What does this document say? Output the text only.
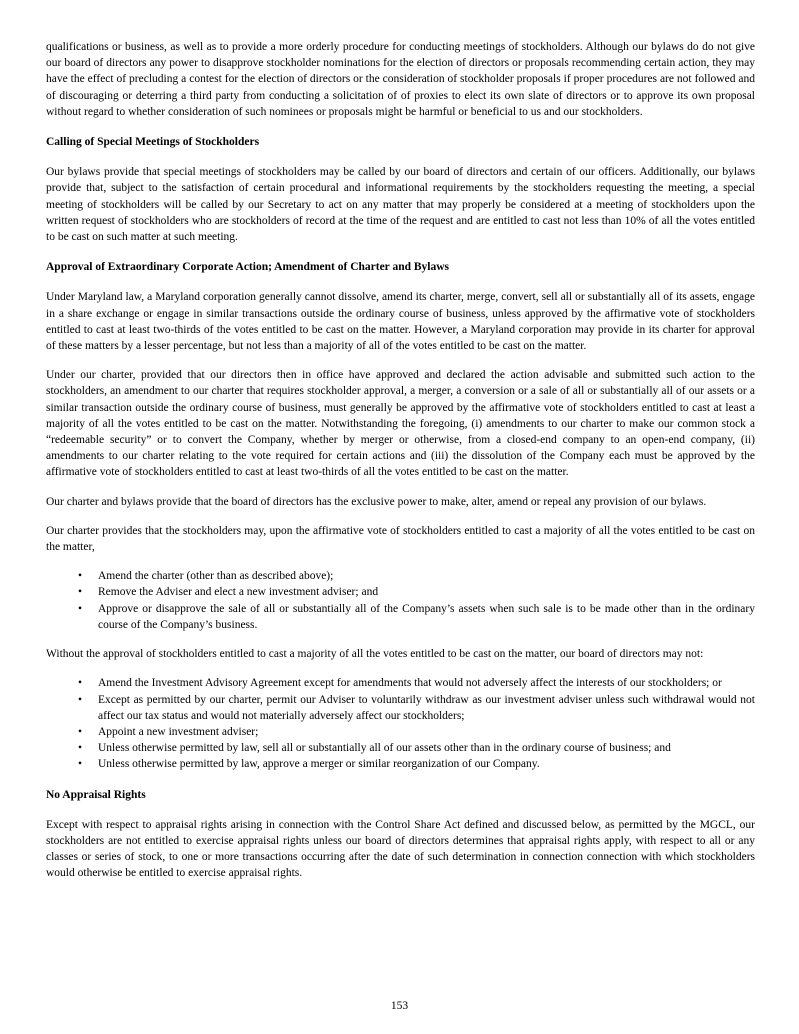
qualifications or business, as well as to provide a more orderly procedure for conducting meetings of stockholders. Although our bylaws do do not give our board of directors any power to disapprove stockholder nominations for the election of directors or proposals recommending certain action, they may have the effect of precluding a contest for the election of directors or the consideration of stockholder proposals if proper procedures are not followed and of discouraging or deterring a third party from conducting a solicitation of of proxies to elect its own slate of directors or to approve its own proposal without regard to whether consideration of such nominees or proposals might be harmful or beneficial to us and our stockholders.

Calling of Special Meetings of Stockholders

Our bylaws provide that special meetings of stockholders may be called by our board of directors and certain of our officers. Additionally, our bylaws provide that, subject to the satisfaction of certain procedural and informational requirements by the stockholders requesting the meeting, a special meeting of stockholders will be called by our Secretary to act on any matter that may properly be considered at a meeting of stockholders upon the written request of stockholders who are stockholders of record at the time of the request and are entitled to cast not less than 10% of all the votes entitled to be cast on such matter at such meeting.

Approval of Extraordinary Corporate Action; Amendment of Charter and Bylaws

Under Maryland law, a Maryland corporation generally cannot dissolve, amend its charter, merge, convert, sell all or substantially all of its assets, engage in a share exchange or engage in similar transactions outside the ordinary course of business, unless approved by the affirmative vote of stockholders entitled to cast at least two-thirds of the votes entitled to be cast on the matter. However, a Maryland corporation may provide in its charter for approval of these matters by a lesser percentage, but not less than a majority of all of the votes entitled to be cast on the matter.

Under our charter, provided that our directors then in office have approved and declared the action advisable and submitted such action to the stockholders, an amendment to our charter that requires stockholder approval, a merger, a conversion or a sale of all or substantially all of our assets or a similar transaction outside the ordinary course of business, must generally be approved by the affirmative vote of stockholders entitled to cast at least a majority of all the votes entitled to be cast on the matter. Notwithstanding the foregoing, (i) amendments to our charter to make our common stock a “redeemable security” or to convert the Company, whether by merger or otherwise, from a closed-end company to an open-end company, (ii) amendments to our charter relating to the vote required for certain actions and (iii) the dissolution of the Company each must be approved by the affirmative vote of stockholders entitled to cast at least two-thirds of all the votes entitled to be cast on the matter.

Our charter and bylaws provide that the board of directors has the exclusive power to make, alter, amend or repeal any provision of our bylaws.

Our charter provides that the stockholders may, upon the affirmative vote of stockholders entitled to cast a majority of all the votes entitled to be cast on the matter,

• Amend the charter (other than as described above);
• Remove the Adviser and elect a new investment adviser; and
• Approve or disapprove the sale of all or substantially all of the Company’s assets when such sale is to be made other than in the ordinary course of the Company’s business.

Without the approval of stockholders entitled to cast a majority of all the votes entitled to be cast on the matter, our board of directors may not:

• Amend the Investment Advisory Agreement except for amendments that would not adversely affect the interests of our stockholders; or
• Except as permitted by our charter, permit our Adviser to voluntarily withdraw as our investment adviser unless such withdrawal would not affect our tax status and would not materially adversely affect our stockholders;
• Appoint a new investment adviser;
• Unless otherwise permitted by law, sell all or substantially all of our assets other than in the ordinary course of business; and
• Unless otherwise permitted by law, approve a merger or similar reorganization of our Company.
No Appraisal Rights

Except with respect to appraisal rights arising in connection with the Control Share Act defined and discussed below, as permitted by the MGCL, our stockholders are not entitled to exercise appraisal rights unless our board of directors determines that appraisal rights apply, with respect to all or any classes or series of stock, to one or more transactions occurring after the date of such determination in connection connection with which stockholders would otherwise be entitled to exercise appraisal rights.

153
